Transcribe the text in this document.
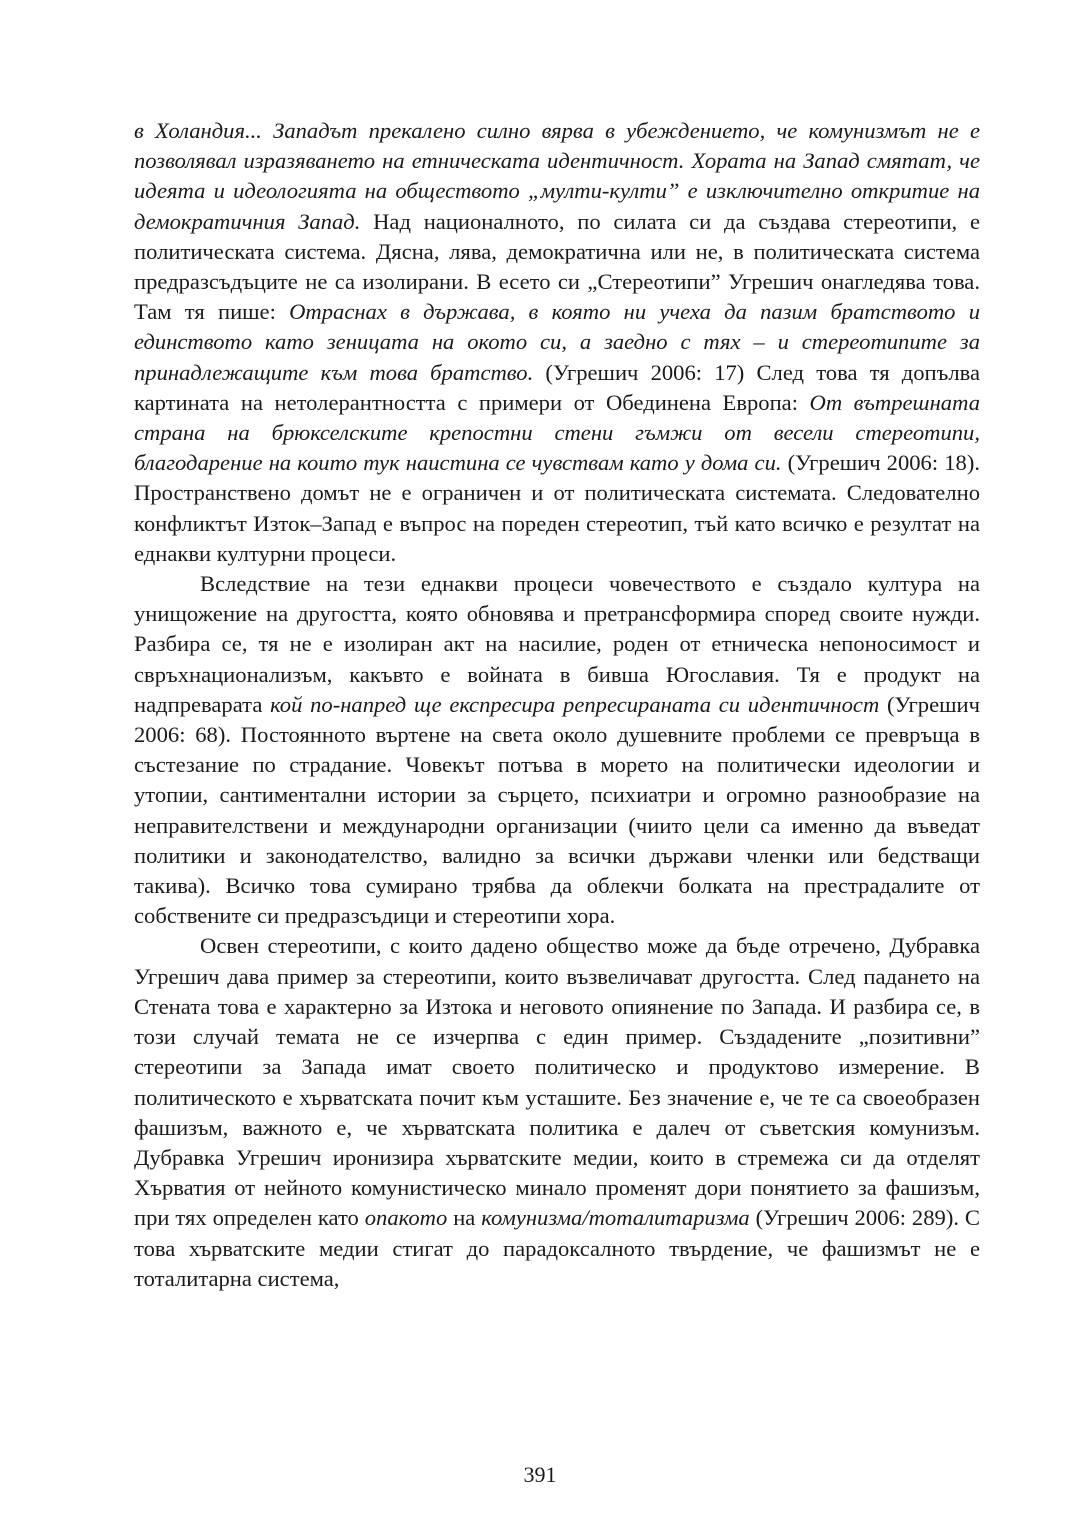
в Холандия... Западът прекалено силно вярва в убеждението, че комунизмът не е позволявал изразяването на етническата идентичност. Хората на Запад смятат, че идеята и идеологията на обществото „мулти-култи” е изключително откритие на демократичния Запад. Над националното, по силата си да създава стереотипи, е политическата система. Дясна, лява, демократична или не, в политическата система предразсъдъците не са изолирани. В есето си „Стереотипи” Угрешич онагледява това. Там тя пише: Отраснах в държава, в която ни учеха да пазим братството и единството като зеницата на окото си, а заедно с тях – и стереотипите за принадлежащите към това братство. (Угрешич 2006: 17) След това тя допълва картината на нетолерантността с примери от Обединена Европа: От вътрешната страна на брюкселските крепостни стени гъмжи от весели стереотипи, благодарение на които тук наистина се чувствам като у дома си. (Угрешич 2006: 18). Пространствено домът не е ограничен и от политическата системата. Следователно конфликтът Изток–Запад е въпрос на пореден стереотип, тъй като всичко е резултат на еднакви културни процеси.

Вследствие на тези еднакви процеси човечеството е създало култура на унищожение на другостта, която обновява и претрансформира според своите нужди. Разбира се, тя не е изолиран акт на насилие, роден от етническа непоносимост и свръхнационализъм, какъвто е войната в бивша Югославия. Тя е продукт на надпреварата кой по-напред ще експресира репресираната си идентичност (Угрешич 2006: 68). Постоянното въртене на света около душевните проблеми се превръща в състезание по страдание. Човекът потъва в морето на политически идеологии и утопии, сантиментални истории за сърцето, психиатри и огромно разнообразие на неправителствени и международни организации (чиито цели са именно да въведат политики и законодателство, валидно за всички държави членки или бедстващи такива). Всичко това сумирано трябва да облекчи болката на престрадалите от собствените си предразсъдици и стереотипи хора.

Освен стереотипи, с които дадено общество може да бъде отречено, Дубравка Угрешич дава пример за стереотипи, които възвеличават другостта. След падането на Стената това е характерно за Изтока и неговото опиянение по Запада. И разбира се, в този случай темата не се изчерпва с един пример. Създадените „позитивни” стереотипи за Запада имат своето политическо и продуктово измерение. В политическото е хърватската почит към усташите. Без значение е, че те са своеобразен фашизъм, важното е, че хърватската политика е далеч от съветския комунизъм. Дубравка Угрешич иронизира хърватските медии, които в стремежа си да отделят Хърватия от нейното комунистическо минало променят дори понятието за фашизъм, при тях определен като опакото на комунизма/тоталитаризма (Угрешич 2006: 289). С това хърватските медии стигат до парадоксалното твърдение, че фашизмът не е тоталитарна система,

391
